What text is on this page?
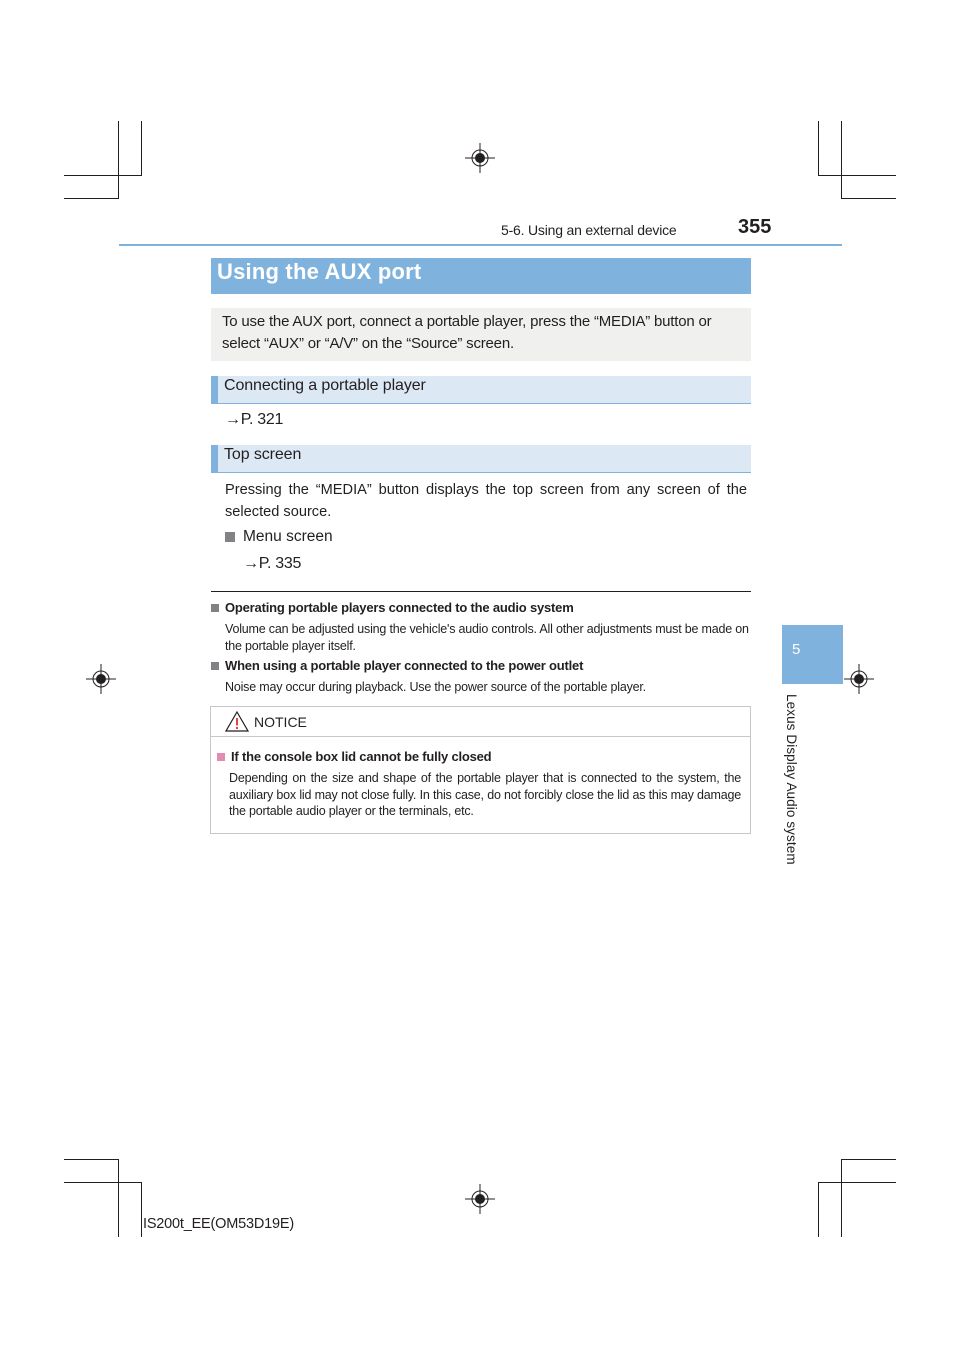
5-6. Using an external device	355
Using the AUX port
To use the AUX port, connect a portable player, press the “MEDIA” button or select “AUX” or “A/V” on the “Source” screen.
Connecting a portable player
→P. 321
Top screen
Pressing the “MEDIA” button displays the top screen from any screen of the selected source.
Menu screen
→P. 335
Operating portable players connected to the audio system
Volume can be adjusted using the vehicle's audio controls. All other adjustments must be made on the portable player itself.
When using a portable player connected to the power outlet
Noise may occur during playback. Use the power source of the portable player.
NOTICE
If the console box lid cannot be fully closed
Depending on the size and shape of the portable player that is connected to the system, the auxiliary box lid may not close fully. In this case, do not forcibly close the lid as this may damage the portable audio player or the terminals, etc.
5
Lexus Display Audio system
IS200t_EE(OM53D19E)
